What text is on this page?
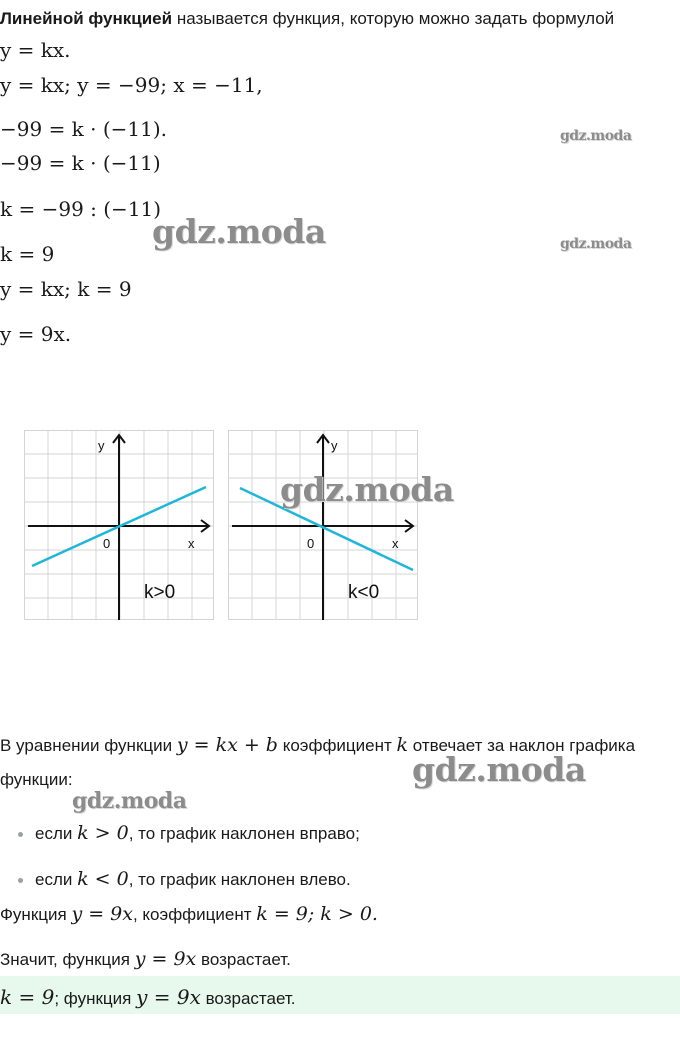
Линейной функцией называется функция, которую можно задать формулой
y = kx.
y = kx; y = −99; x = −11,
−99 = k · (−11).
−99 = k · (−11)
k = −99 : (−11)
k = 9
y = kx; k = 9
y = 9x.
gdz.moda
gdz.moda	gdz.moda
y
x
0
k>0
y
x
0
k<0
gdz.moda
В уравнении функции y = kx + b коэффициент k отвечает за наклон графика
функции:	gdz.moda
gdz.moda
если k > 0, то график наклонен вправо;
если k < 0, то график наклонен влево.
Функция y = 9x, коэффициент k = 9; k > 0.
Значит, функция y = 9x возрастает.
k = 9; функция y = 9x возрастает.
